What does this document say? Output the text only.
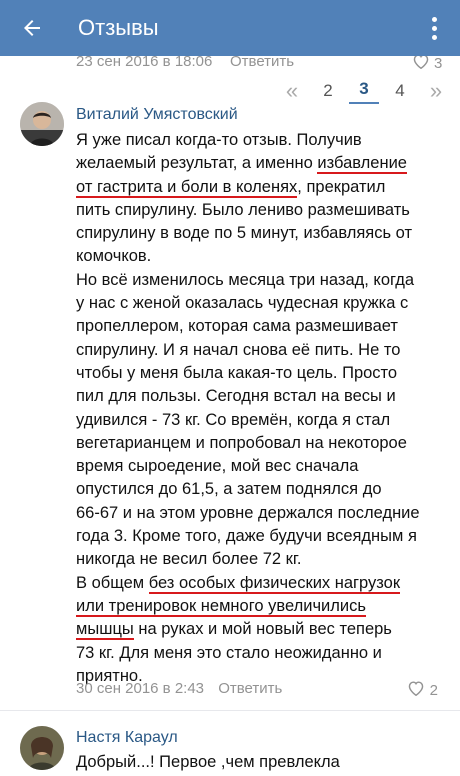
Отзывы
23 сен 2016 в 18:06 Ответить	3
«	2	3	4	»
Виталий Умястовский

Я уже писал когда-то отзыв. Получив

желаемый результат, а именно избавление

от гастрита и боли в коленях, прекратил

пить спирулину. Было лениво размешивать

спирулину в воде по 5 минут, избавляясь от

комочков.

Но всё изменилось месяца три назад, когда

у нас с женой оказалась чудесная кружка с

пропеллером, которая сама размешивает

спирулину. И я начал снова её пить. Не то

чтобы у меня была какая-то цель. Просто

пил для пользы. Сегодня встал на весы и

удивился - 73 кг. Со времён, когда я стал

вегетарианцем и попробовал на некоторое

время сыроедение, мой вес сначала

опустился до 61,5, а затем поднялся до

66-67 и на этом уровне держался последние

года 3. Кроме того, даже будучи всеядным я

никогда не весил более 72 кг.

В общем без особых физических нагрузок

или тренировок немного увеличились

мышцы на руках и мой новый вес теперь

73 кг. Для меня это стало неожиданно и

приятно.

30 сен 2016 в 2:43 Ответить	2
Настя Караул
Добрый...! Первое ,чем превлекла
